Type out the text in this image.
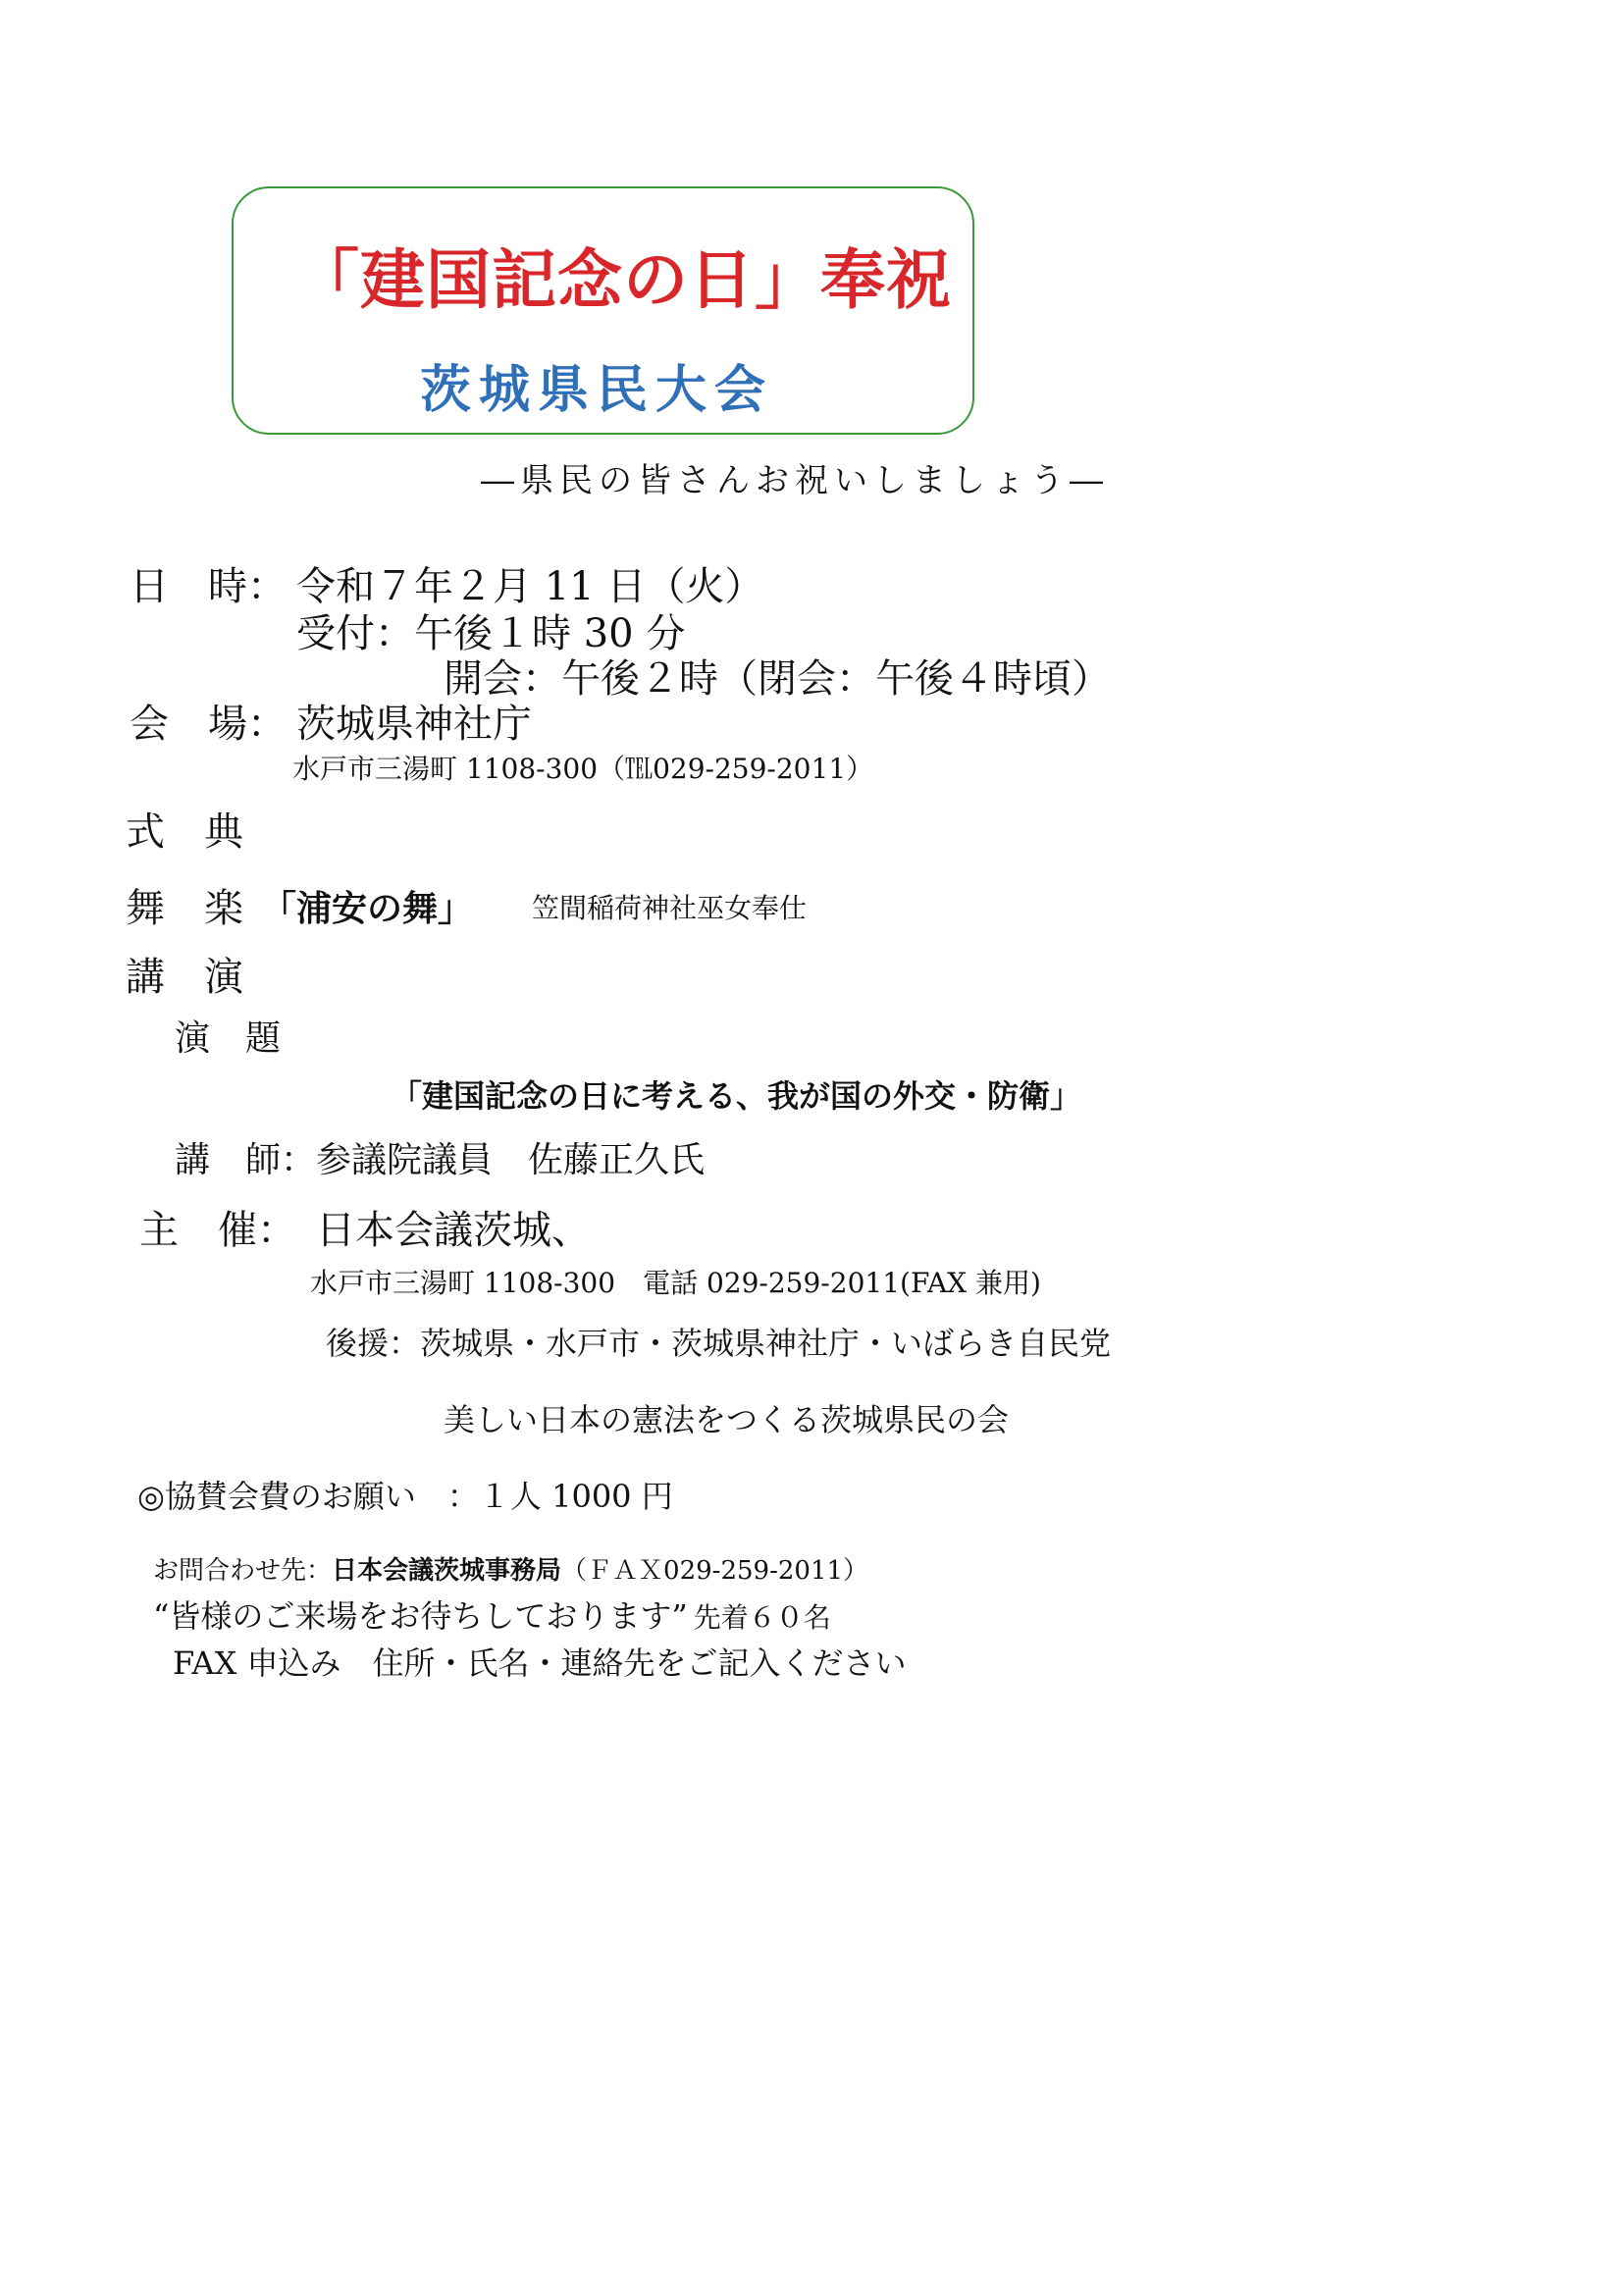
「建国記念の日」奉祝
茨城県民大会
―県民の皆さんお祝いしましょう―
日　時： 令和７年２月 11 日（火）
受付：午後１時 30 分
開会：午後２時（閉会：午後４時頃）
会　場： 茨城県神社庁
水戸市三湯町 1108-300（℡029-259-2011）
式　典
舞　楽 「浦安の舞」 笠間稲荷神社巫女奉仕
講　演
演　題
「建国記念の日に考える、我が国の外交・防衛」
講　師：参議院議員　佐藤正久氏
主　催： 日本会議茨城、
水戸市三湯町 1108-300　電話 029-259-2011(FAX 兼用)
後援：茨城県・水戸市・茨城県神社庁・いばらき自民党
美しい日本の憲法をつくる茨城県民の会
◎協賛会費のお願い　：１人 1000 円
お問合わせ先：日本会議茨城事務局（ＦＡＸ029-259-2011）
“皆様のご来場をお待ちしております” 先着６０名
FAX 申込み　住所・氏名・連絡先をご記入ください
